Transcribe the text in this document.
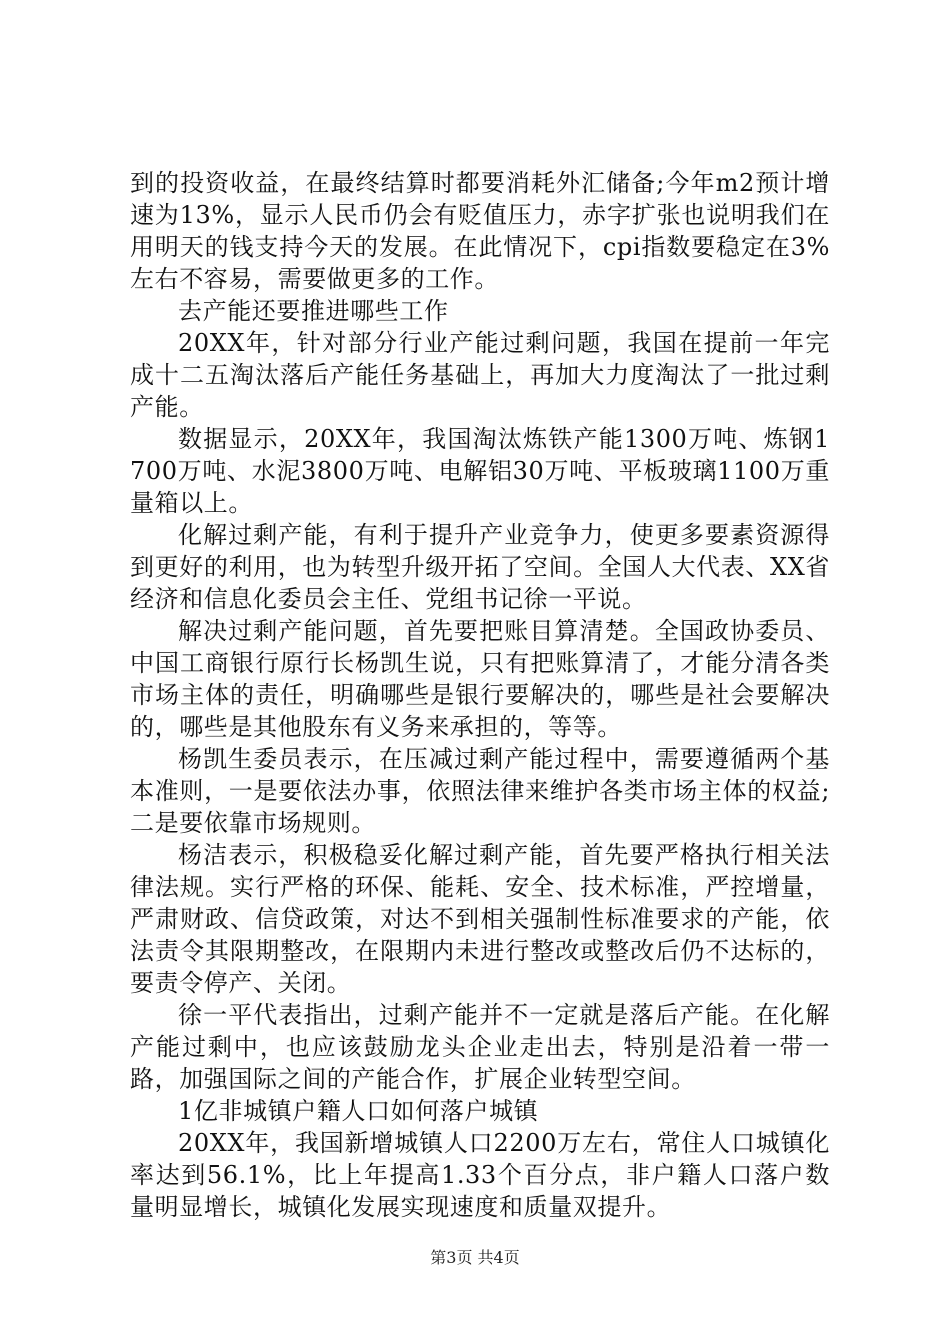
到的投资收益，在最终结算时都要消耗外汇储备;今年m2预计增速为13%，显示人民币仍会有贬值压力，赤字扩张也说明我们在用明天的钱支持今天的发展。在此情况下，cpi指数要稳定在3%左右不容易，需要做更多的工作。

去产能还要推进哪些工作

20XX年，针对部分行业产能过剩问题，我国在提前一年完成十二五淘汰落后产能任务基础上，再加大力度淘汰了一批过剩产能。

数据显示，20XX年，我国淘汰炼铁产能1300万吨、炼钢1700万吨、水泥3800万吨、电解铝30万吨、平板玻璃1100万重量箱以上。

化解过剩产能，有利于提升产业竞争力，使更多要素资源得到更好的利用，也为转型升级开拓了空间。全国人大代表、XX省经济和信息化委员会主任、党组书记徐一平说。

解决过剩产能问题，首先要把账目算清楚。全国政协委员、中国工商银行原行长杨凯生说，只有把账算清了，才能分清各类市场主体的责任，明确哪些是银行要解决的，哪些是社会要解决的，哪些是其他股东有义务来承担的，等等。

杨凯生委员表示，在压减过剩产能过程中，需要遵循两个基本准则，一是要依法办事，依照法律来维护各类市场主体的权益;二是要依靠市场规则。

杨洁表示，积极稳妥化解过剩产能，首先要严格执行相关法律法规。实行严格的环保、能耗、安全、技术标准，严控增量，严肃财政、信贷政策，对达不到相关强制性标准要求的产能，依法责令其限期整改，在限期内未进行整改或整改后仍不达标的，要责令停产、关闭。

徐一平代表指出，过剩产能并不一定就是落后产能。在化解产能过剩中，也应该鼓励龙头企业走出去，特别是沿着一带一路，加强国际之间的产能合作，扩展企业转型空间。

1亿非城镇户籍人口如何落户城镇

20XX年，我国新增城镇人口2200万左右，常住人口城镇化率达到56.1%，比上年提高1.33个百分点，非户籍人口落户数量明显增长，城镇化发展实现速度和质量双提升。

第3页 共4页
